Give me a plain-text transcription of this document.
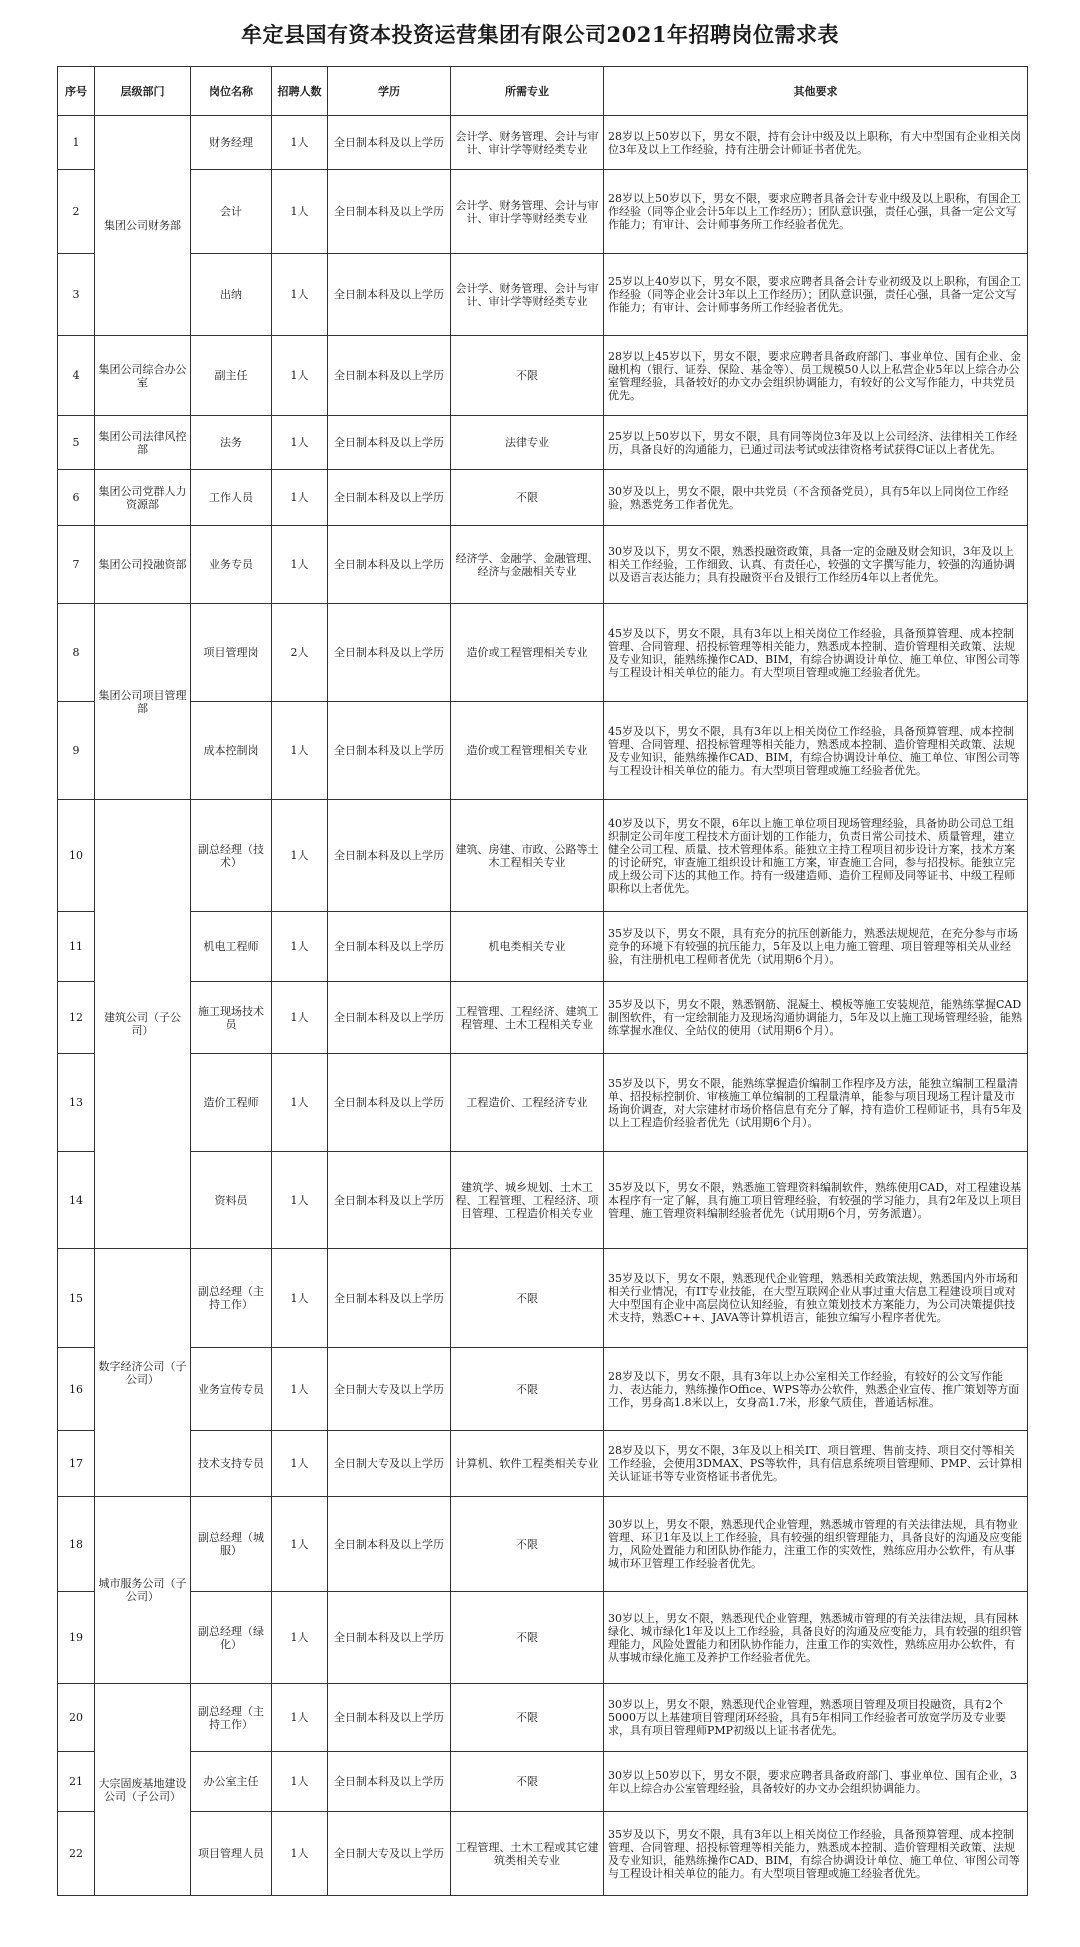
牟定县国有资本投资运营集团有限公司2021年招聘岗位需求表
序号	层级部门	岗位名称	招聘人数	学历	所需专业	其他要求
1	集团公司财务部	财务经理	1人	全日制本科及以上学历	会计学、财务管理、会计与审计、审计学等财经类专业	28岁以上50岁以下，男女不限，持有会计中级及以上职称，有大中型国有企业相关岗位3年及以上工作经验，持有注册会计师证书者优先。
2		会计	1人	全日制本科及以上学历	会计学、财务管理、会计与审计、审计学等财经类专业	28岁以上50岁以下，男女不限，要求应聘者具备会计专业中级及以上职称，有国企工作经验（同等企业会计5年以上工作经历）；团队意识强，责任心强，具备一定公文写作能力；有审计、会计师事务所工作经验者优先。
3		出纳	1人	全日制本科及以上学历	会计学、财务管理、会计与审计、审计学等财经类专业	25岁以上40岁以下，男女不限，要求应聘者具备会计专业初级及以上职称，有国企工作经验（同等企业会计3年以上工作经历）；团队意识强，责任心强，具备一定公文写作能力；有审计、会计师事务所工作经验者优先。
4	集团公司综合办公室	副主任	1人	全日制本科及以上学历	不限	28岁以上45岁以下，男女不限，要求应聘者具备政府部门、事业单位、国有企业、金融机构（银行、证券、保险、基金等）、员工规模50人以上私营企业5年以上综合办公室管理经验，具备较好的办文办会组织协调能力，有较好的公文写作能力，中共党员优先。
5	集团公司法律风控部	法务	1人	全日制本科及以上学历	法律专业	25岁以上50岁以下，男女不限，具有同等岗位3年及以上公司经济、法律相关工作经历，具备良好的沟通能力，已通过司法考试或法律资格考试获得C证以上者优先。
6	集团公司党群人力资源部	工作人员	1人	全日制本科及以上学历	不限	30岁及以上，男女不限，限中共党员（不含预备党员），具有5年以上同岗位工作经验，熟悉党务工作者优先。
7	集团公司投融资部	业务专员	1人	全日制本科及以上学历	经济学、金融学、金融管理、经济与金融相关专业	30岁及以下，男女不限，熟悉投融资政策，具备一定的金融及财会知识，3年及以上相关工作经验，工作细致、认真、有责任心，较强的文字撰写能力，较强的沟通协调以及语言表达能力；具有投融资平台及银行工作经历4年以上者优先。
8	集团公司项目管理部	项目管理岗	2人	全日制本科及以上学历	造价或工程管理相关专业	45岁及以下，男女不限，具有3年以上相关岗位工作经验，具备预算管理、成本控制管理、合同管理、招投标管理等相关能力，熟悉成本控制、造价管理相关政策、法规及专业知识，能熟练操作CAD、BIM，有综合协调设计单位、施工单位、审图公司等与工程设计相关单位的能力。有大型项目管理或施工经验者优先。
9		成本控制岗	1人	全日制本科及以上学历	造价或工程管理相关专业	45岁及以下，男女不限，具有3年以上相关岗位工作经验，具备预算管理、成本控制管理、合同管理、招投标管理等相关能力，熟悉成本控制、造价管理相关政策、法规及专业知识，能熟练操作CAD、BIM，有综合协调设计单位、施工单位、审图公司等与工程设计相关单位的能力。有大型项目管理或施工经验者优先。
10	建筑公司（子公司）	副总经理（技术）	1人	全日制本科及以上学历	建筑、房建、市政、公路等土木工程相关专业	40岁及以下，男女不限，6年以上施工单位项目现场管理经验，具备协助公司总工组织制定公司年度工程技术方面计划的工作能力，负责日常公司技术、质量管理，建立健全公司工程、质量、技术管理体系。能独立主持工程项目初步设计方案，技术方案的讨论研究，审查施工组织设计和施工方案，审查施工合同，参与招投标。能独立完成上级公司下达的其他工作。持有一级建造师、造价工程师及同等证书、中级工程师职称以上者优先。
11		机电工程师	1人	全日制本科及以上学历	机电类相关专业	35岁及以下，男女不限，具有充分的抗压创新能力，熟悉法规规范，在充分参与市场竞争的环境下有较强的抗压能力，5年及以上电力施工管理、项目管理等相关从业经验，有注册机电工程师者优先（试用期6个月）。
12		施工现场技术员	1人	全日制本科及以上学历	工程管理、工程经济、建筑工程管理、土木工程相关专业	35岁及以下，男女不限，熟悉钢筋、混凝土、模板等施工安装规范，能熟练掌握CAD制图软件，有一定绘制能力及现场沟通协调能力，5年及以上施工现场管理经验，能熟练掌握水准仪、全站仪的使用（试用期6个月）。
13		造价工程师	1人	全日制本科及以上学历	工程造价、工程经济专业	35岁及以下，男女不限，能熟练掌握造价编制工作程序及方法，能独立编制工程量清单、招投标控制价、审核施工单位编制的工程量清单，能参与项目现场工程计量及市场询价调查，对大宗建材市场价格信息有充分了解，持有造价工程师证书，具有5年及以上工程造价经验者优先（试用期6个月）。
14		资料员	1人	全日制本科及以上学历	建筑学、城乡规划、土木工程、工程管理、工程经济、项目管理、工程造价相关专业	35岁及以下，男女不限，熟悉施工管理资料编制软件，熟练使用CAD，对工程建设基本程序有一定了解，具有施工项目管理经验，有较强的学习能力，具有2年及以上项目管理、施工管理资料编制经验者优先（试用期6个月，劳务派遣）。
15	数字经济公司（子公司）	副总经理（主持工作）	1人	全日制本科及以上学历	不限	35岁及以下，男女不限，熟悉现代企业管理，熟悉相关政策法规，熟悉国内外市场和相关行业情况，有IT专业技能，在大型互联网企业从事过重大信息工程建设项目或对大中型国有企业中高层岗位认知经验，有独立策划技术方案能力，为公司决策提供技术支持，熟悉C++、JAVA等计算机语言，能独立编写小程序者优先。
16		业务宣传专员	1人	全日制大专及以上学历	不限	28岁及以下，男女不限，具有3年以上办公室相关工作经验，有较好的公文写作能力、表达能力，熟练操作Office、WPS等办公软件，熟悉企业宣传、推广策划等方面工作，男身高1.8米以上，女身高1.7米，形象气质佳，普通话标准。
17		技术支持专员	1人	全日制大专及以上学历	计算机、软件工程类相关专业	28岁及以下，男女不限，3年及以上相关IT、项目管理、售前支持、项目交付等相关工作经验，会使用3DMAX、PS等软件，具有信息系统项目管理师、PMP、云计算相关认证证书等专业资格证书者优先。
18	城市服务公司（子公司）	副总经理（城服）	1人	全日制本科及以上学历	不限	30岁以上，男女不限，熟悉现代企业管理，熟悉城市管理的有关法律法规，具有物业管理、环卫1年及以上工作经验，具有较强的组织管理能力，具备良好的沟通及应变能力，风险处置能力和团队协作能力，注重工作的实效性，熟练应用办公软件，有从事城市环卫管理工作经验者优先。
19		副总经理（绿化）	1人	全日制本科及以上学历	不限	30岁以上，男女不限，熟悉现代企业管理，熟悉城市管理的有关法律法规，具有园林绿化、城市绿化1年及以上工作经验，具备良好的沟通及应变能力，具有较强的组织管理能力，风险处置能力和团队协作能力，注重工作的实效性，熟练应用办公软件，有从事城市绿化施工及养护工作经验者优先。
20	大宗固废基地建设公司（子公司）	副总经理（主持工作）	1人	全日制本科及以上学历	不限	30岁以上，男女不限，熟悉现代企业管理，熟悉项目管理及项目投融资，具有2个5000万以上基建项目管理闭环经验，具有5年相同工作经验者可放宽学历及专业要求，具有项目管理师PMP初级以上证书者优先。
21		办公室主任	1人	全日制本科及以上学历	不限	30岁以上50岁以下，男女不限，要求应聘者具备政府部门、事业单位、国有企业，3年以上综合办公室管理经验，具备较好的办文办会组织协调能力。
22		项目管理人员	1人	全日制大专及以上学历	工程管理、土木工程或其它建筑类相关专业	35岁及以下，男女不限，具有3年以上相关岗位工作经验，具备预算管理、成本控制管理、合同管理、招投标管理等相关能力，熟悉成本控制、造价管理相关政策、法规及专业知识，能熟练操作CAD、BIM，有综合协调设计单位、施工单位、审图公司等与工程设计相关单位的能力。有大型项目管理或施工经验者优先。
